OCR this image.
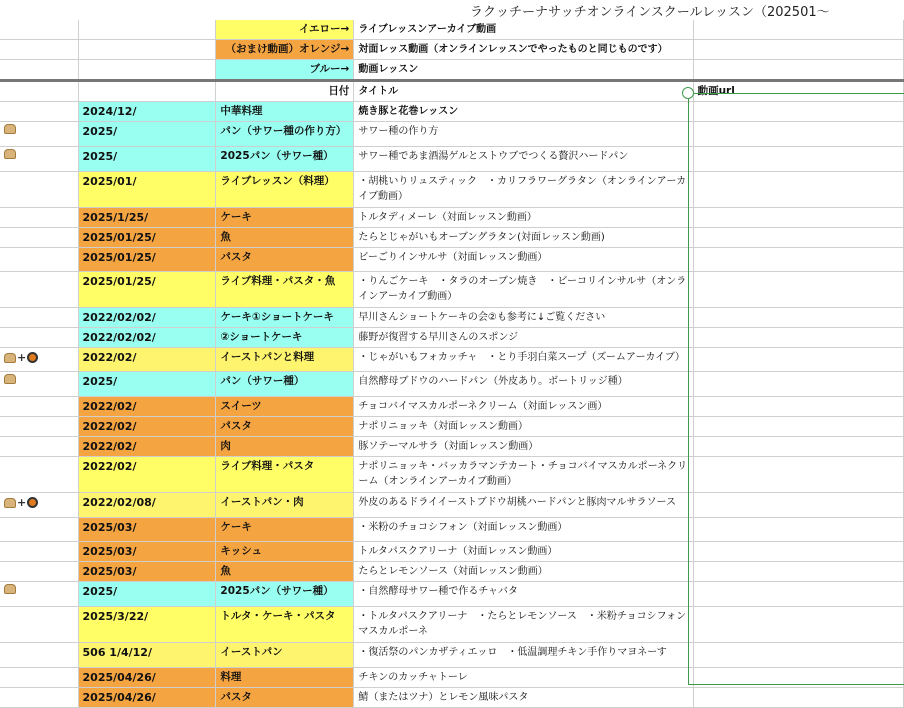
ラクッチーナサッチオンラインスクールレッスン（202501〜
		イエロー→	ライブレッスンアーカイブ動画	
		（おまけ動画）オレンジ→	対面レッス動画（オンラインレッスンでやったものと同じものです）	
		ブルー→	動画レッスン	
		日付	タイトル	動画url
	2024/12/	中華料理	焼き豚と花巻レッスン	

	2025/	パン（サワー種の作り方）	サワー種の作り方	

	2025/	2025パン（サワー種）	サワー種であま酒湯ゲルとストウブでつくる贅沢ハードパン	
	2025/01/	ライブレッスン（料理）	・胡桃いりリュスティック　・カリフラワーグラタン（オンラインアーカイブ動画）	
	2025/1/25/	ケーキ	トルタディメーレ（対面レッスン動画）	
	2025/01/25/	魚	たらとじゃがいもオーブングラタン(対面レッスン動画)	
	2025/01/25/	パスタ	ビーごりインサルサ（対面レッスン動画）	
	2025/01/25/	ライブ料理・パスタ・魚	・りんごケーキ　・タラのオーブン焼き　・ビーコリインサルサ（オンラインアーカイブ動画）	
	2022/02/02/	ケーキ①ショートケーキ	早川さんショートケーキの会②も参考に↓ご覧ください	
	2022/02/02/	②ショートケーキ	藤野が復習する早川さんのスポンジ	

+	2022/02/	イーストパンと料理	・じゃがいもフォカッチャ　・とり手羽白菜スープ（ズームアーカイブ）	

	2025/	パン（サワー種）	自然酵母ブドウのハードパン（外皮あり。ボートリッジ種）	
	2022/02/	スイーツ	チョコバイマスカルポーネクリーム（対面レッスン画）	
	2022/02/	パスタ	ナポリニョッキ（対面レッスン動画）	
	2022/02/	肉	豚ソテーマルサラ（対面レッスン動画）	
	2022/02/	ライブ料理・パスタ	ナポリニョッキ・バッカラマンテカート・チョコバイマスカルポーネクリーム（オンラインアーカイブ動画）	

+	2022/02/08/	イーストパン・肉	外皮のあるドライイーストブドウ胡桃ハードパンと豚肉マルサラソース	
	2025/03/	ケーキ	・米粉のチョコシフォン（対面レッスン動画）	
	2025/03/	キッシュ	トルタパスクアリーナ（対面レッスン動画）	
	2025/03/	魚	たらとレモンソース（対面レッスン動画）	

	2025/	2025パン（サワー種）	・自然酵母サワー種で作るチャバタ	
	2025/3/22/	トルタ・ケーキ・パスタ	・トルタパスクアリーナ　・たらとレモンソース　・米粉チョコシフォンマスカルポーネ	
	506 1/4/12/	イーストパン	・復活祭のパンカザティエッロ　・低温調理チキン手作りマヨネーす	
	2025/04/26/	料理	チキンのカッチャトーレ	
	2025/04/26/	パスタ	鯖（またはツナ）とレモン風味パスタ	
